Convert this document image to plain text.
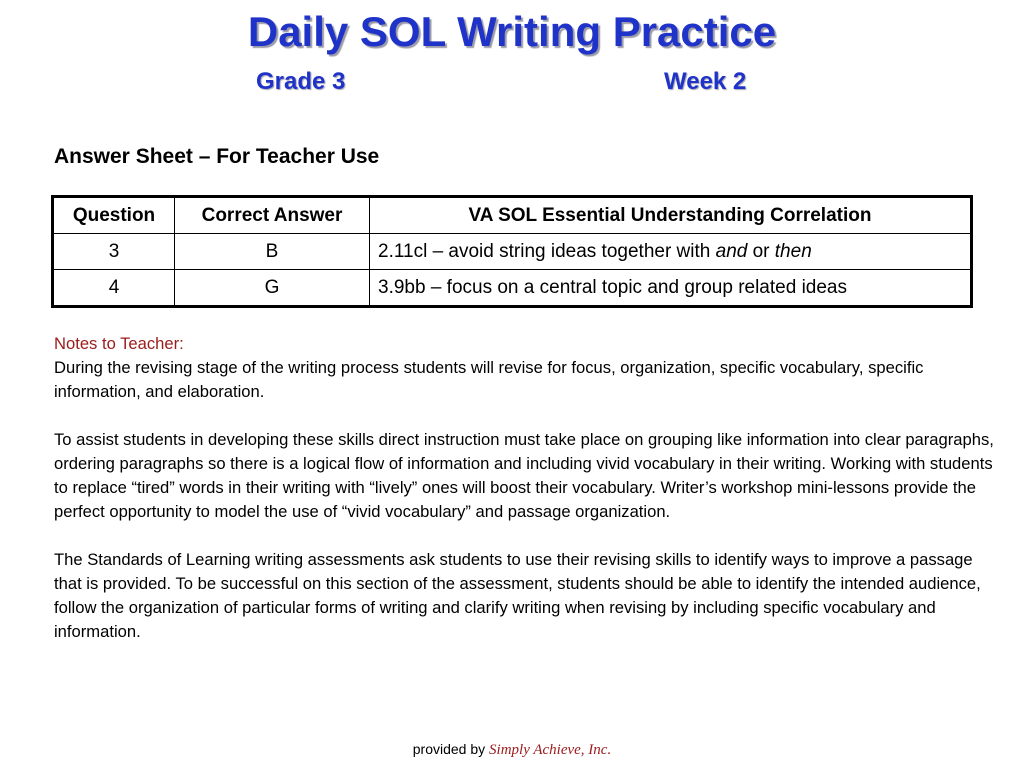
Daily SOL Writing Practice
Grade 3	Week 2
Answer Sheet – For Teacher Use
Question	Correct Answer	VA SOL Essential Understanding Correlation
3	B	2.11cl – avoid string ideas together with and or then
4	G	3.9bb – focus on a central topic and group related ideas

Notes to Teacher:

During the revising stage of the writing process students will revise for focus, organization, specific vocabulary, specific information, and elaboration.

To assist students in developing these skills direct instruction must take place on grouping like information into clear paragraphs, ordering paragraphs so there is a logical flow of information and including vivid vocabulary in their writing. Working with students to replace “tired” words in their writing with “lively” ones will boost their vocabulary. Writer’s workshop mini-lessons provide the perfect opportunity to model the use of “vivid vocabulary” and passage organization.

The Standards of Learning writing assessments ask students to use their revising skills to identify ways to improve a passage that is provided. To be successful on this section of the assessment, students should be able to identify the intended audience, follow the organization of particular forms of writing and clarify writing when revising by including specific vocabulary and information.

provided by Simply Achieve, Inc.
